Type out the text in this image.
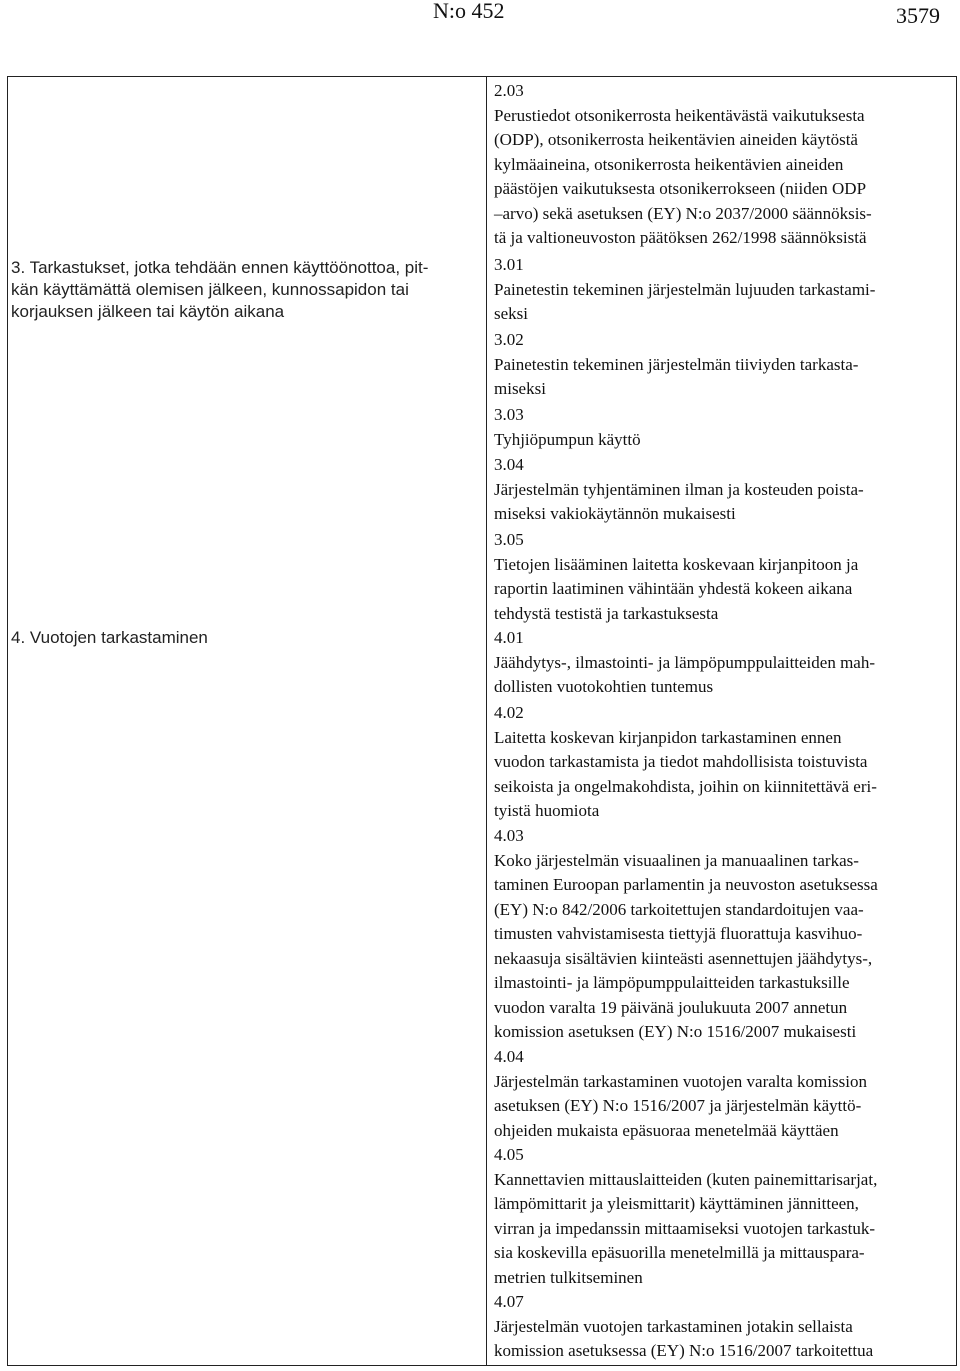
N:o 452	3579
3. Tarkastukset, jotka tehdään ennen käyttöönottoa, pit-
kän käyttämättä olemisen jälkeen, kunnossapidon tai
korjauksen jälkeen tai käytön aikana
4. Vuotojen tarkastaminen
2.03
Perustiedot otsonikerrosta heikentävästä vaikutuksesta
(ODP), otsonikerrosta heikentävien aineiden käytöstä
kylmäaineina, otsonikerrosta heikentävien aineiden
päästöjen vaikutuksesta otsonikerrokseen (niiden ODP
–arvo) sekä asetuksen (EY) N:o 2037/2000 säännöksis-
tä ja valtioneuvoston päätöksen 262/1998 säännöksistä
3.01
Painetestin tekeminen järjestelmän lujuuden tarkastami-
seksi
3.02
Painetestin tekeminen järjestelmän tiiviyden tarkasta-
miseksi
3.03
Tyhjiöpumpun käyttö
3.04
Järjestelmän tyhjentäminen ilman ja kosteuden poista-
miseksi vakiokäytännön mukaisesti
3.05
Tietojen lisääminen laitetta koskevaan kirjanpitoon ja
raportin laatiminen vähintään yhdestä kokeen aikana
tehdystä testistä ja tarkastuksesta
4.01
Jäähdytys-, ilmastointi- ja lämpöpumppulaitteiden mah-
dollisten vuotokohtien tuntemus
4.02
Laitetta koskevan kirjanpidon tarkastaminen ennen
vuodon tarkastamista ja tiedot mahdollisista toistuvista
seikoista ja ongelmakohdista, joihin on kiinnitettävä eri-
tyistä huomiota
4.03
Koko järjestelmän visuaalinen ja manuaalinen tarkas-
taminen Euroopan parlamentin ja neuvoston asetuksessa
(EY) N:o 842/2006 tarkoitettujen standardoitujen vaa-
timusten vahvistamisesta tiettyjä fluorattuja kasvihuo-
nekaasuja sisältävien kiinteästi asennettujen jäähdytys-,
ilmastointi- ja lämpöpumppulaitteiden tarkastuksille
vuodon varalta 19 päivänä joulukuuta 2007 annetun
komission asetuksen (EY) N:o 1516/2007 mukaisesti
4.04
Järjestelmän tarkastaminen vuotojen varalta komission
asetuksen (EY) N:o 1516/2007 ja järjestelmän käyttö-
ohjeiden mukaista epäsuoraa menetelmää käyttäen
4.05
Kannettavien mittauslaitteiden (kuten painemittarisarjat,
lämpömittarit ja yleismittarit) käyttäminen jännitteen,
virran ja impedanssin mittaamiseksi vuotojen tarkastuk-
sia koskevilla epäsuorilla menetelmillä ja mittauspara-
metrien tulkitseminen
4.07
Järjestelmän vuotojen tarkastaminen jotakin sellaista
komission asetuksessa (EY) N:o 1516/2007 tarkoitettua
